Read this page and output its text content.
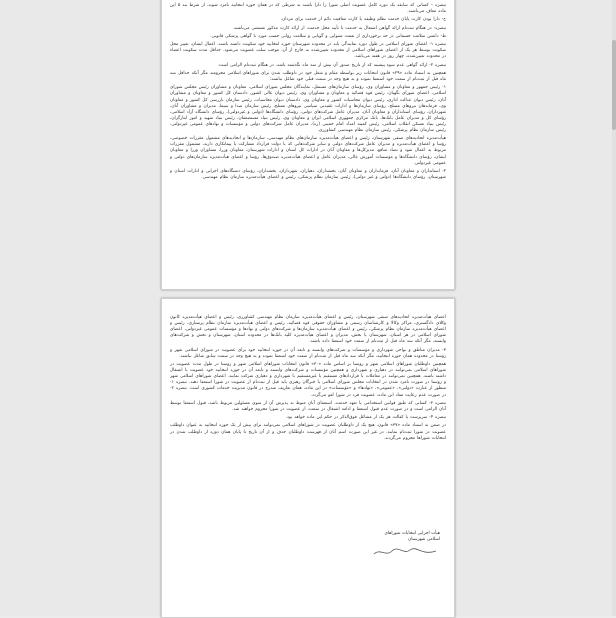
تبصره – کسانی که سابقه یک دوره کامل عضویت اصلی شورا را دارا باشند به شرطی که در همان حوزه انتخابیه نامزد شوند، از شرط بند ۵ این ماده معاف می‌باشند.

ح- دارا بودن کارت پایان خدمت نظام وظیفه یا کارت معافیت دائم از خدمت برای مردان.

تبصره- در هنگام ثبت‌نام ارائه گواهی اشتغال به خدمت یا تأیید محل خدمت، از ارائه کارت مذکور مستثنی می‌باشند.

ط- داشتن سلامت جسمانی در حد برخورداری از نعمت شنوایی و گویایی و سلامت روانی حسب مورد با گواهی پزشکی قانونی.

تبصره ۱- اعضای شورای اسلامی در طول دوره نمایندگی باید در محدوده شهرستان حوزه انتخابیه خود سکونت داشته باشند. اعمال ایشان، تغییر محل سکونت توسط هر یک از اعضای شوراهای اسلامی از محدوده تعیین‌شده به خارج از آن، موجب سلب عضویت می‌شود. حداقل مدت سکونت اعضاء در محدوده تعیین‌شده، چهار روز در هفته می‌باشد.

تبصره ۲- ارائه گواهی عدم سوء پیشینه که از تاریخ صدور آن بیش از سه ماه نگذشته باشد، در هنگام ثبت‌نام الزامی است.

همچنین به استناد ماده «۲۹» قانون انتخابات زیر بواسطه مقام و شغل خود در داوطلب شدن برای شوراهای اسلامی محرومند مگر آنکه حداقل سه ماه قبل از ثبت‌نام از سمت خود استعفا نموده و به هیچ وجه در سمت قبلی خود شاغل نباشند:

۱- رئیس جمهور و معاونان و مشاوران وی، رؤسای سازمان‌های مستقل، نمایندگان مجلس شورای اسلامی، معاونان و مشاوران رئیس مجلس شورای اسلامی، اعضای شورای نگهبان، رئیس قوه قضائیه و معاونان و مشاوران وی، رئیس دیوان عالی کشور، دادستان کل کشور و معاونان و مشاوران آنان، رئیس دیوان عدالت اداری، رئیس دیوان محاسبات کشور و معاونان وی، دادستان دیوان محاسبات، رئیس سازمان بازرسی کل کشور و معاونان وی، فرماندهان نیروهای مسلح، رؤسای سازمان‌ها و ادارات عقیدتی سیاسی نیروهای مسلح، رئیس سازمان صدا و سیما، مدیران و مشاوران آنان، شهرداران، رؤسای استانداران و معاونان آنان، مدیران عامل شرکت‌های دولتی، رؤسای دانشگاه‌ها (دولتی و غیردولتی)، رؤسای دانشگاه آزاد اسلامی، رؤسای کل و مدیران عامل بانک‌ها، بانک مرکزی جمهوری اسلامی ایران و معاونان وی، رئیس بنیاد مستضعفان، رئیس بنیاد شهید و امور ایثارگران، رئیس بنیاد مسکن انقلاب اسلامی، رئیس کمیته امداد امام خمینی (ره)، مدیران عامل شرکت‌های دولتی و مؤسسات و نهادهای عمومی غیردولتی، رئیس سازمان نظام پزشکی، رئیس سازمان نظام مهندسی کشاورزی.

هیأت‌مدیره اتحادیه‌های صنفی شهرستان، رئیس و اعضای هیأت‌مدیره سازمان‌های نظام مهندسی، سازمان‌ها و اتحادیه‌های مشمول مقررات خصوصی، رؤسا و اعضای هیأت‌مدیره و مدیران عامل شرکت‌های دولتی و سایر شرکت‌هایی که با دولت قرارداد مشارکت یا پیمانکاری دارند، مشمول مقررات مربوط به اعمال نفوذ و تضاد منافع، مدیرکل‌ها و معاونان آنان در ادارات کل استان و ادارات شهرستان، معاونان وزرا، مشاوران وزرا و معاونان ایشان، رؤسای دانشگاه‌ها و مؤسسات آموزش عالی، مدیران عامل و اعضای هیأت‌مدیره صندوق‌ها، رؤسا و اعضای هیأت‌مدیره سازمان‌های دولتی و عمومی غیردولتی.

۲- استانداران و معاونان آنان، فرمانداران و معاونان آنان، بخشداران، دهیاران، شهرداران، بخشداران، رؤسای دستگاه‌های اجرایی و ادارات استان و شهرستان، رؤسای دانشگاه‌ها (دولتی و غیر دولتی)، رئیس سازمان نظام پزشکی، رئیس و اعضای هیأت‌مدیره سازمان نظام مهندسی.

اعضای هیأت‌مدیره اتحادیه‌های صنفی شهرستان، رئیس و اعضای هیأت‌مدیره سازمان نظام مهندسی کشاورزی، رئیس و اعضای هیأت‌مدیره کانون وکلای دادگستری، مراکز وکالا و کارشناسان رسمی و مشاوران حقوقی قوه قضائیه، رئیس و اعضای هیأت‌مدیره سازمان نظام پرستاری، رئیس و اعضای هیأت‌مدیره سازمان نظام پزشکی، رئیس و اعضای هیأت‌مدیره سازمان‌ها و شرکت‌های دولتی و نهادها و مؤسسات عمومی غیردولتی، اعضای شورای اسلامی در هر استان، شهرستان یا بخش، مدیران و اعضای هیأت‌مدیره کلیه بانک‌ها در محدوده استان، شهرستان و بخش و شرکت‌های وابسته، مگر آنکه سه ماه قبل از ثبت‌نام از سمت خود استعفا داده باشند.

۳- مدیران مناطق و نواحی شهرداری و مؤسسات و شرکت‌های وابسته و تابعه آن در حوزه انتخابیه خود برای عضویت در شورای اسلامی شهر و روستا در محدوده همان حوزه انتخابیه، مگر آنکه سه ماه قبل از ثبت‌نام از سمت خود استعفا نموده و به هیچ وجه در سمت سابق شاغل نباشند.

همچنین داوطلبان شوراهای اسلامی شهر و روستا بر اساس ماده «۳۰» قانون انتخابات شوراهای اسلامی شهر و روستا در طول مدت عضویت در شوراهای اسلامی نمی‌توانند در دهیاری و شهرداری و همچنین مؤسسات و شرکت‌های وابسته و تابعه آن در حوزه انتخابیه خود عضویت یا اشتغال داشته باشند. همچنین نمی‌توانند در معاملات یا قراردادهای مستقیم یا غیرمستقیم با شهرداری و دهیاری شرکت نمایند. اعضای شوراهای اسلامی شهر و روستا در صورت نامزد شدن در انتخابات مجلس شورای اسلامی یا خبرگان رهبری باید قبل از ثبت‌نام از عضویت در شورا استعفا دهند. تبصره ۱- منظور از عبارت «دولتی»، «عمومی»، «نهادها» و «مؤسسات» در این ماده، همان تعاریف مندرج در قانون مدیریت خدمات کشوری است. تبصره ۲- در صورت عدم رعایت مفاد این ماده، عضویت فرد در شورا لغو می‌گردد.

تبصره ۳- کسانی که طبق قوانین استخدامی یا تعهد خدمت، استعفای آنان منوط به پذیرش آن از سوی مسئولین مربوط باشد، قبول استعفا توسط آنان الزامی است و در صورت عدم قبول استعفا و ادامه اشتغال در سمت، از عضویت در شورا محروم خواهند شد.

تبصره ۴- سرپرست یا کفالت هر یک از مشاغل فوق‌الذکر در حکم این ماده خواهد بود.

در ضمن به استناد ماده «۳۷» قانون، هیچ یک از داوطلبان عضویت در شوراهای اسلامی نمی‌توانند برای بیش از یک حوزه انتخابیه به عنوان داوطلب عضویت در شورا ثبت‌نام نمایند. در غیر این صورت اسم آنان از فهرست داوطلبان حذف و از آن تاریخ تا پایان همان دوره از داوطلب شدن در انتخابات شوراها محروم می‌گردند.

هیأت اجرایی انتخابات شوراهای

اسلامی شهرستان
